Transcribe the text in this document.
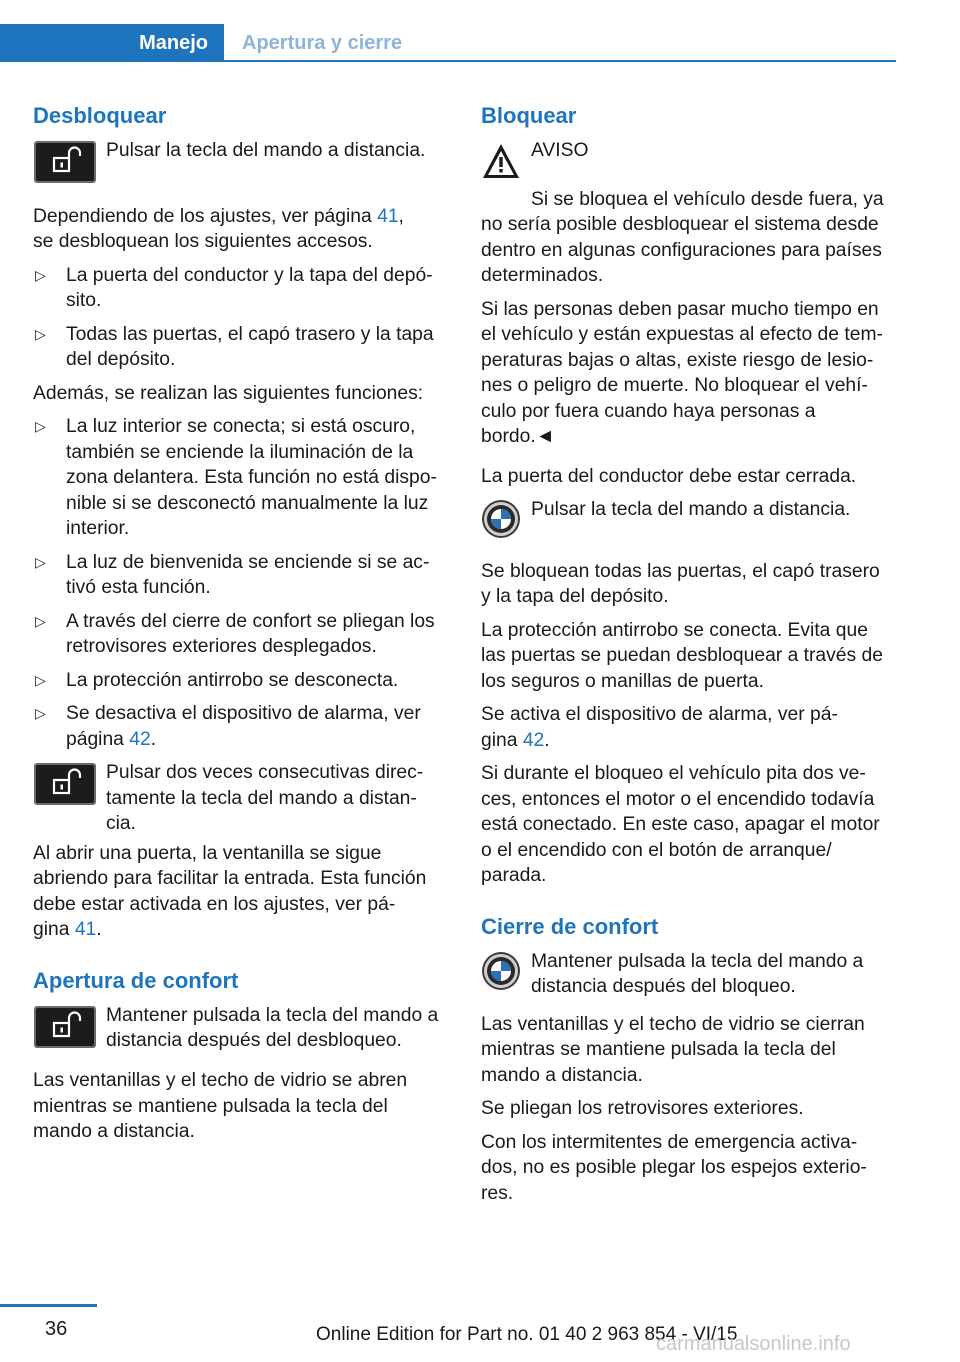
Manejo	Apertura y cierre
Desbloquear
Pulsar la tecla del mando a distancia.

Dependiendo de los ajustes, ver página 41,
se desbloquean los siguientes accesos.

▷ La puerta del conductor y la tapa del depó-
sito.
▷ Todas las puertas, el capó trasero y la tapa
del depósito.

Además, se realizan las siguientes funciones:

▷ La luz interior se conecta; si está oscuro,
también se enciende la iluminación de la
zona delantera. Esta función no está dispo-
nible si se desconectó manualmente la luz
interior.
▷ La luz de bienvenida se enciende si se ac-
tivó esta función.
▷ A través del cierre de confort se pliegan los
retrovisores exteriores desplegados.
▷ La protección antirrobo se desconecta.
▷ Se desactiva el dispositivo de alarma, ver
página 42.
Pulsar dos veces consecutivas direc-
tamente la tecla del mando a distan-
cia.

Al abrir una puerta, la ventanilla se sigue
abriendo para facilitar la entrada. Esta función
debe estar activada en los ajustes, ver pá-
gina 41.

Apertura de confort
Mantener pulsada la tecla del mando a
distancia después del desbloqueo.

Las ventanillas y el techo de vidrio se abren
mientras se mantiene pulsada la tecla del
mando a distancia.

Bloquear
AVISO

Si se bloquea el vehículo desde fuera, ya
no sería posible desbloquear el sistema desde
dentro en algunas configuraciones para países
determinados.

Si las personas deben pasar mucho tiempo en
el vehículo y están expuestas al efecto de tem-
peraturas bajas o altas, existe riesgo de lesio-
nes o peligro de muerte. No bloquear el vehí-
culo por fuera cuando haya personas a
bordo.◄

La puerta del conductor debe estar cerrada.

Pulsar la tecla del mando a distancia.

Se bloquean todas las puertas, el capó trasero
y la tapa del depósito.

La protección antirrobo se conecta. Evita que
las puertas se puedan desbloquear a través de
los seguros o manillas de puerta.

Se activa el dispositivo de alarma, ver pá-
gina 42.

Si durante el bloqueo el vehículo pita dos ve-
ces, entonces el motor o el encendido todavía
está conectado. En este caso, apagar el motor
o el encendido con el botón de arranque/
parada.

Cierre de confort
Mantener pulsada la tecla del mando a
distancia después del bloqueo.

Las ventanillas y el techo de vidrio se cierran
mientras se mantiene pulsada la tecla del
mando a distancia.

Se pliegan los retrovisores exteriores.

Con los intermitentes de emergencia activa-
dos, no es posible plegar los espejos exterio-
res.

36	Online Edition for Part no. 01 40 2 963 854 - VI/15
carmanualsonline.info
